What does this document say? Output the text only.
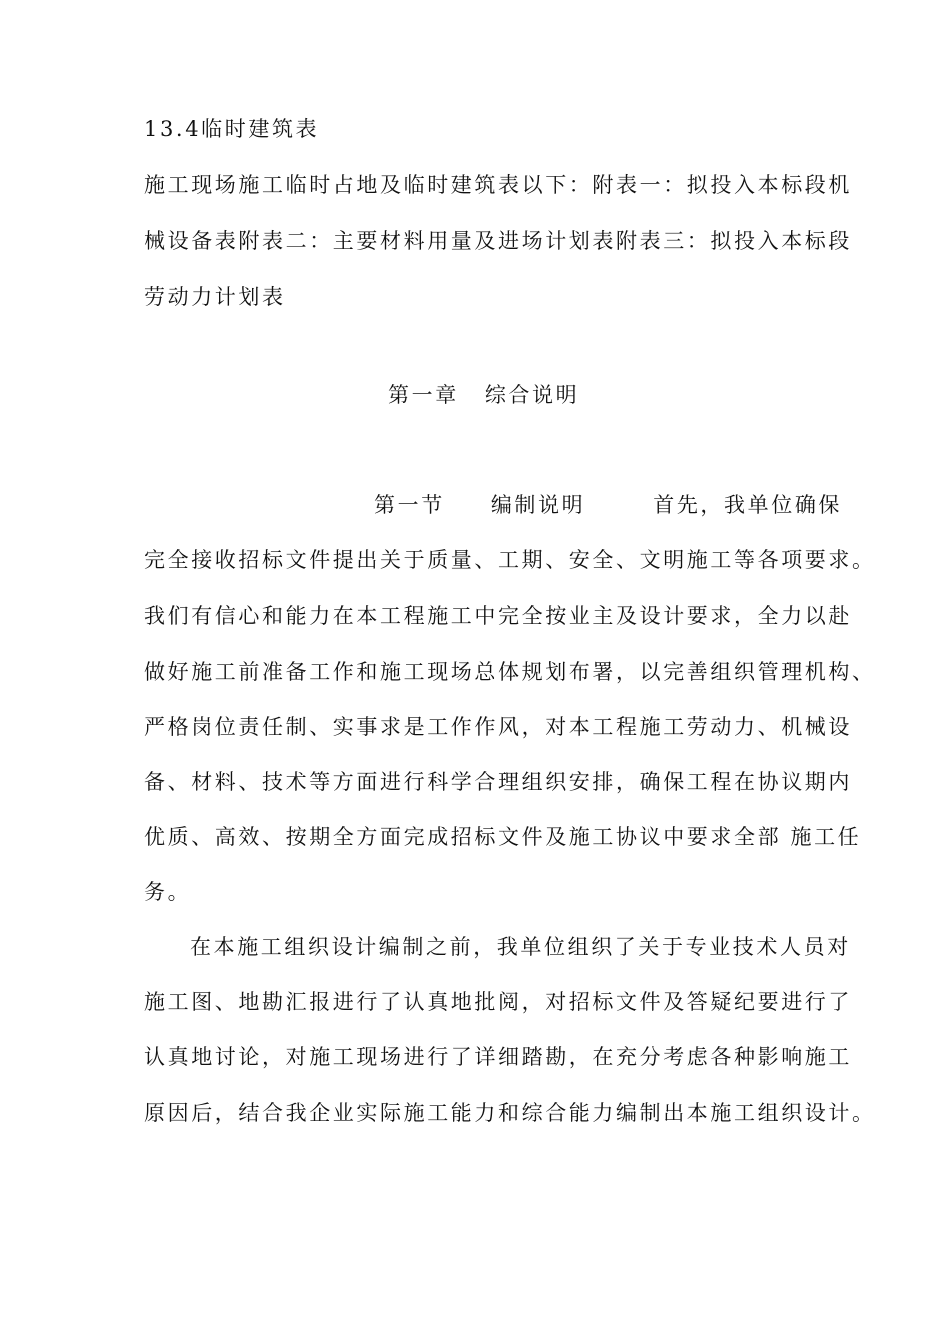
13.4临时建筑表
施工现场施工临时占地及临时建筑表以下：附表一：拟投入本标段机
械设备表附表二：主要材料用量及进场计划表附表三：拟投入本标段
劳动力计划表
第一章 综合说明
第一节 编制说明	首先，我单位确保
完全接收招标文件提出关于质量、工期、安全、文明施工等各项要求。
我们有信心和能力在本工程施工中完全按业主及设计要求，全力以赴
做好施工前准备工作和施工现场总体规划布署，以完善组织管理机构、
严格岗位责任制、实事求是工作作风，对本工程施工劳动力、机械设
备、材料、技术等方面进行科学合理组织安排，确保工程在协议期内
优质、高效、按期全方面完成招标文件及施工协议中要求全部 施工任
务。
在本施工组织设计编制之前，我单位组织了关于专业技术人员对
施工图、地勘汇报进行了认真地批阅，对招标文件及答疑纪要进行了
认真地讨论，对施工现场进行了详细踏勘，在充分考虑各种影响施工
原因后，结合我企业实际施工能力和综合能力编制出本施工组织设计。
